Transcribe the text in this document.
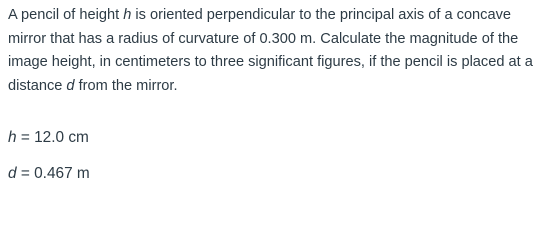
A pencil of height h is oriented perpendicular to the principal axis of a concave mirror that has a radius of curvature of 0.300 m. Calculate the magnitude of the image height, in centimeters to three significant figures, if the pencil is placed at a distance d from the mirror.

h = 12.0 cm

d = 0.467 m
